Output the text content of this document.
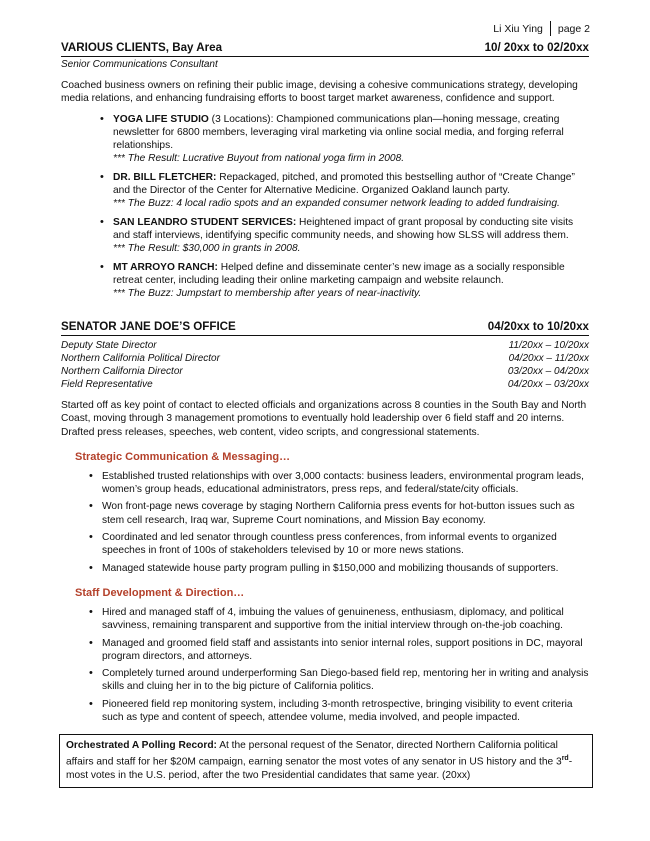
Li Xiu Ying page 2
VARIOUS CLIENTS, Bay Area	10/ 20xx to 02/20xx
Senior Communications Consultant
Coached business owners on refining their public image, devising a cohesive communications strategy, developing media relations, and enhancing fundraising efforts to boost target market awareness, confidence and support.
• YOGA LIFE STUDIO (3 Locations): Championed communications plan—honing message, creating newsletter for 6800 members, leveraging viral marketing via online social media, and forging referral relationships.
*** The Result: Lucrative Buyout from national yoga firm in 2008.
• DR. BILL FLETCHER: Repackaged, pitched, and promoted this bestselling author of “Create Change” and the Director of the Center for Alternative Medicine. Organized Oakland launch party.
*** The Buzz: 4 local radio spots and an expanded consumer network leading to added fundraising.
• SAN LEANDRO STUDENT SERVICES: Heightened impact of grant proposal by conducting site visits and staff interviews, identifying specific community needs, and showing how SLSS will address them.
*** The Result: $30,000 in grants in 2008.
• MT ARROYO RANCH: Helped define and disseminate center’s new image as a socially responsible retreat center, including leading their online marketing campaign and website relaunch.
*** The Buzz: Jumpstart to membership after years of near-inactivity.
SENATOR JANE DOE’S OFFICE	04/20xx to 10/20xx
Deputy State Director	11/20xx – 10/20xx
Northern California Political Director	04/20xx – 11/20xx
Northern California Director	03/20xx – 04/20xx
Field Representative	04/20xx – 03/20xx
Started off as key point of contact to elected officials and organizations across 8 counties in the South Bay and North Coast, moving through 3 management promotions to eventually hold leadership over 6 field staff and 20 interns. Drafted press releases, speeches, web content, video scripts, and congressional statements.
Strategic Communication & Messaging…
• Established trusted relationships with over 3,000 contacts: business leaders, environmental program leads, women’s group heads, educational administrators, press reps, and federal/state/city officials.
• Won front-page news coverage by staging Northern California press events for hot-button issues such as stem cell research, Iraq war, Supreme Court nominations, and Mission Bay economy.
• Coordinated and led senator through countless press conferences, from informal events to organized speeches in front of 100s of stakeholders televised by 10 or more news stations.
• Managed statewide house party program pulling in $150,000 and mobilizing thousands of supporters.
Staff Development & Direction…
• Hired and managed staff of 4, imbuing the values of genuineness, enthusiasm, diplomacy, and political savviness, remaining transparent and supportive from the initial interview through on-the-job coaching.
• Managed and groomed field staff and assistants into senior internal roles, support positions in DC, mayoral program directors, and attorneys.
• Completely turned around underperforming San Diego-based field rep, mentoring her in writing and analysis skills and cluing her in to the big picture of California politics.
• Pioneered field rep monitoring system, including 3-month retrospective, bringing visibility to event criteria such as type and content of speech, attendee volume, media involved, and people impacted.
Orchestrated A Polling Record: At the personal request of the Senator, directed Northern California political affairs and staff for her $20M campaign, earning senator the most votes of any senator in US history and the 3rd-most votes in the U.S. period, after the two Presidential candidates that same year. (20xx)
